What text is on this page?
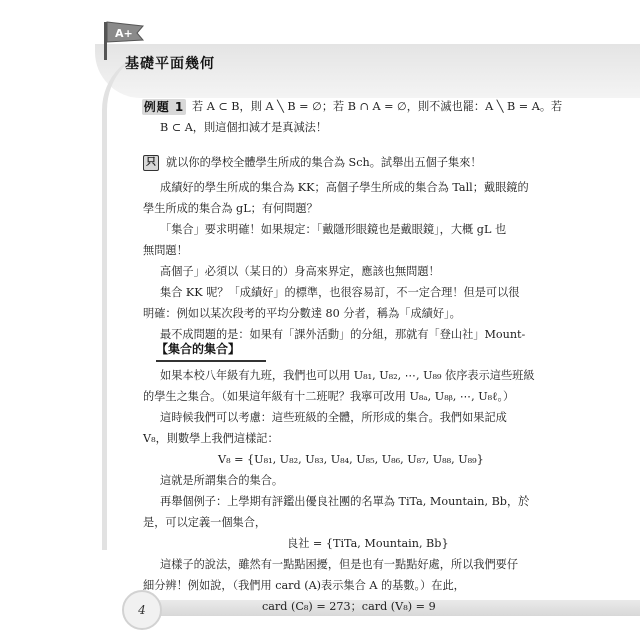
A+
基礎平面幾何
例題 1 若 A ⊂ B，則 A ╲ B = ∅；若 B ∩ A = ∅，則不滅也罷：A ╲ B = A。若
B ⊂ A，則這個扣減才是真減法！
只 就以你的學校全體學生所成的集合為 Sch。試舉出五個子集來！
成績好的學生所成的集合為 KK；高個子學生所成的集合為 Tall；戴眼鏡的
學生所成的集合為 gL；有何問題？
「集合」要求明確！如果規定：「戴隱形眼鏡也是戴眼鏡」，大概 gL 也
無問題！
高個子」必須以（某日的）身高來界定，應該也無問題！
集合 KK 呢？「成績好」的標準，也很容易訂，不一定合理！但是可以很
明確：例如以某次段考的平均分數達 80 分者，稱為「成績好」。
最不成問題的是：如果有「課外活動」的分組，那就有「登山社」Mount-
【集合的集合】
如果本校八年級有九班，我們也可以用 U₈₁, U₈₂, ⋯, U₈₉ 依序表示這些班級
的學生之集合。（如果這年級有十二班呢？我寧可改用 U₈ₐ, U₈ᵦ, ⋯, U₈ℓ。）
這時候我們可以考慮：這些班級的全體，所形成的集合。我們如果記成
V₈，則數學上我們這樣記：
V₈ = {U₈₁, U₈₂, U₈₃, U₈₄, U₈₅, U₈₆, U₈₇, U₈₈, U₈₉}
這就是所謂集合的集合。
再舉個例子：上學期有評鑑出優良社團的名單為 TiTa, Mountain, Bb，於
是，可以定義一個集合，
良社 = {TiTa, Mountain, Bb}
這樣子的說法，雖然有一點點困擾，但是也有一點點好處，所以我們要仔
細分辨！例如說，（我們用 card (A)表示集合 A 的基數。）在此，
card (C₈) = 273；card (V₈) = 9
4
